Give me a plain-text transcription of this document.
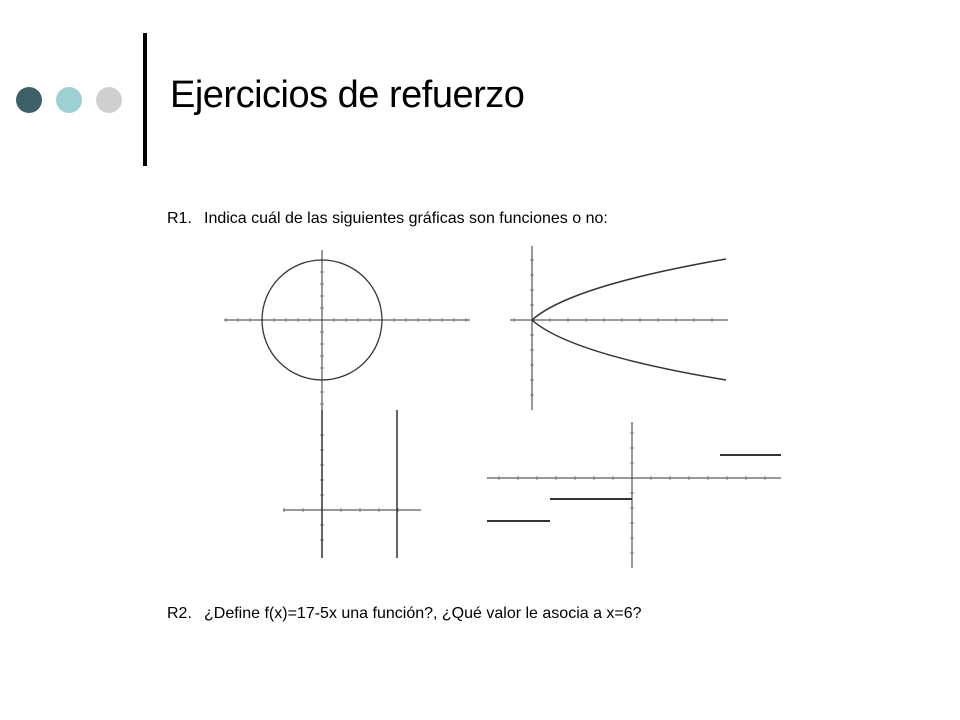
Ejercicios de refuerzo
R1. Indica cuál de las siguientes gráficas son funciones o no:
R2. ¿Define f(x)=17-5x una función?, ¿Qué valor le asocia a x=6?
